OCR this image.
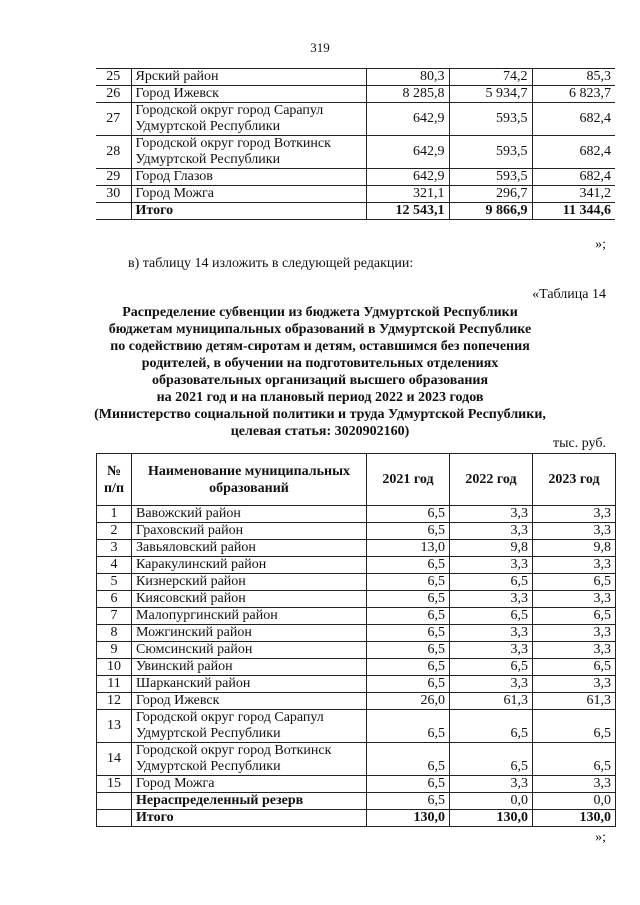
319
25	Ярский район	80,3	74,2	85,3
26	Город Ижевск	8 285,8	5 934,7	6 823,7
27	Городской округ город Сарапул Удмуртской Республики	642,9	593,5	682,4
28	Городской округ город Воткинск Удмуртской Республики	642,9	593,5	682,4
29	Город Глазов	642,9	593,5	682,4
30	Город Можга	321,1	296,7	341,2
	Итого	12 543,1	9 866,9	11 344,6
»;
в) таблицу 14 изложить в следующей редакции:
«Таблица 14
Распределение субвенции из бюджета Удмуртской Республики
бюджетам муниципальных образований в Удмуртской Республике
по содействию детям-сиротам и детям, оставшимся без попечения
родителей, в обучении на подготовительных отделениях
образовательных организаций высшего образования
на 2021 год и на плановый период 2022 и 2023 годов
(Министерство социальной политики и труда Удмуртской Республики,
целевая статья: 3020902160)
тыс. руб.
№ п/п	Наименование муниципальных образований	2021 год	2022 год	2023 год
1	Вавожский район	6,5	3,3	3,3
2	Граховский район	6,5	3,3	3,3
3	Завьяловский район	13,0	9,8	9,8
4	Каракулинский район	6,5	3,3	3,3
5	Кизнерский район	6,5	6,5	6,5
6	Киясовский район	6,5	3,3	3,3
7	Малопургинский район	6,5	6,5	6,5
8	Можгинский район	6,5	3,3	3,3
9	Сюмсинский район	6,5	3,3	3,3
10	Увинский район	6,5	6,5	6,5
11	Шарканский район	6,5	3,3	3,3
12	Город Ижевск	26,0	61,3	61,3
13	Городской округ город Сарапул Удмуртской Республики	6,5	6,5	6,5
14	Городской округ город Воткинск Удмуртской Республики	6,5	6,5	6,5
15	Город Можга	6,5	3,3	3,3
	Нераспределенный резерв	6,5	0,0	0,0
	Итого	130,0	130,0	130,0
»;
